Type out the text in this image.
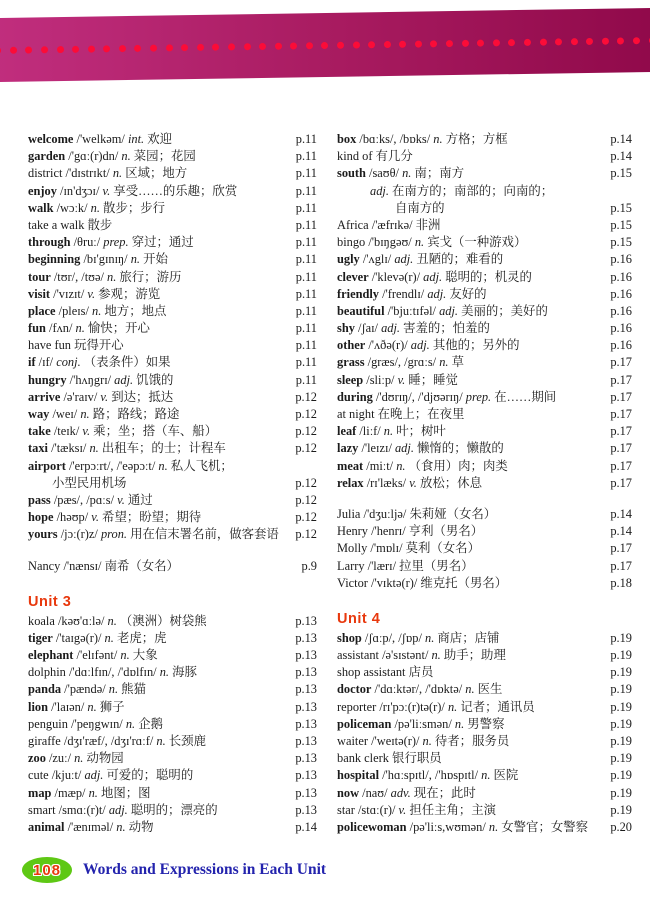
welcome /'welkəm/ int. 欢迎	p.11
garden /'gɑː(r)dn/ n. 菜园；花园	p.11
district /'dɪstrɪkt/ n. 区域；地方	p.11
enjoy /ɪn'dʒɔɪ/ v. 享受……的乐趣；欣赏	p.11
walk /wɔːk/ n. 散步；步行	p.11
take a walk 散步	p.11
through /θruː/ prep. 穿过；通过	p.11
beginning /bɪ'gɪnɪŋ/ n. 开始	p.11
tour /tʊr/, /tʊə/ n. 旅行；游历	p.11
visit /'vɪzɪt/ v. 参观；游览	p.11
place /pleɪs/ n. 地方；地点	p.11
fun /fʌn/ n. 愉快；开心	p.11
have fun 玩得开心	p.11
if /ɪf/ conj. （表条件）如果	p.11
hungry /'hʌŋgrɪ/ adj. 饥饿的	p.11
arrive /ə'raɪv/ v. 到达；抵达	p.12
way /weɪ/ n. 路；路线；路途	p.12
take /teɪk/ v. 乘；坐；搭（车、船）	p.12
taxi /'tæksɪ/ n. 出租车；的士；计程车	p.12
airport /'erpɔːrt/, /'eəpɔːt/ n. 私人飞机；
小型民用机场	p.12
pass /pæs/, /pɑːs/ v. 通过	p.12
hope /həʊp/ v. 希望；盼望；期待	p.12
yours /jɔː(r)z/ pron. 用在信末署名前，做客套语	p.12
Nancy /'nænsɪ/ 南希（女名）	p.9
Unit 3
koala /kəʊ'ɑːlə/ n. （澳洲）树袋熊	p.13
tiger /'taɪgə(r)/ n. 老虎；虎	p.13
elephant /'elɪfənt/ n. 大象	p.13
dolphin /'dɑːlfɪn/, /'dɒlfɪn/ n. 海豚	p.13
panda /'pændə/ n. 熊猫	p.13
lion /'laɪən/ n. 狮子	p.13
penguin /'peŋgwɪn/ n. 企鹅	p.13
giraffe /dʒɪ'ræf/, /dʒɪ'rɑːf/ n. 长颈鹿	p.13
zoo /zuː/ n. 动物园	p.13
cute /kjuːt/ adj. 可爱的；聪明的	p.13
map /mæp/ n. 地图；图	p.13
smart /smɑː(r)t/ adj. 聪明的；漂亮的	p.13
animal /'ænɪməl/ n. 动物	p.14
box /bɑːks/, /bɒks/ n. 方格；方框	p.14
kind of 有几分	p.14
south /saʊθ/ n. 南；南方	p.15
adj. 在南方的；南部的；向南的；
自南方的	p.15
Africa /'æfrɪkə/ 非洲	p.15
bingo /'bɪŋgəʊ/ n. 宾戈（一种游戏）	p.15
ugly /'ʌglɪ/ adj. 丑陋的；难看的	p.16
clever /'klevə(r)/ adj. 聪明的；机灵的	p.16
friendly /'frendlɪ/ adj. 友好的	p.16
beautiful /'bjuːtɪfəl/ adj. 美丽的；美好的	p.16
shy /ʃaɪ/ adj. 害羞的；怕羞的	p.16
other /'ʌðə(r)/ adj. 其他的；另外的	p.16
grass /græs/, /grɑːs/ n. 草	p.17
sleep /sliːp/ v. 睡；睡觉	p.17
during /'dʊrɪŋ/, /'djʊərɪŋ/ prep. 在……期间	p.17
at night 在晚上；在夜里	p.17
leaf /liːf/ n. 叶；树叶	p.17
lazy /'leɪzɪ/ adj. 懒惰的；懒散的	p.17
meat /miːt/ n. （食用）肉；肉类	p.17
relax /rɪ'læks/ v. 放松；休息	p.17
Julia /'dʒuːljə/ 朱莉娅（女名）	p.14
Henry /'henrɪ/ 亨利（男名）	p.14
Molly /'mɒlɪ/ 莫利（女名）	p.17
Larry /'lærɪ/ 拉里（男名）	p.17
Victor /'vɪktə(r)/ 维克托（男名）	p.18
Unit 4
shop /ʃɑːp/, /ʃɒp/ n. 商店；店铺	p.19
assistant /ə'sɪstənt/ n. 助手；助理	p.19
shop assistant 店员	p.19
doctor /'dɑːktər/, /'dɒktə/ n. 医生	p.19
reporter /rɪ'pɔː(r)tə(r)/ n. 记者；通讯员	p.19
policeman /pə'liːsmən/ n. 男警察	p.19
waiter /'weɪtə(r)/ n. 待者；服务员	p.19
bank clerk 银行职员	p.19
hospital /'hɑːspɪtl/, /'hɒspɪtl/ n. 医院	p.19
now /naʊ/ adv. 现在；此时	p.19
star /stɑː(r)/ v. 担任主角；主演	p.19
policewoman /pə'liːs,wʊmən/ n. 女警官；女警察	p.20
108 Words and Expressions in Each Unit
